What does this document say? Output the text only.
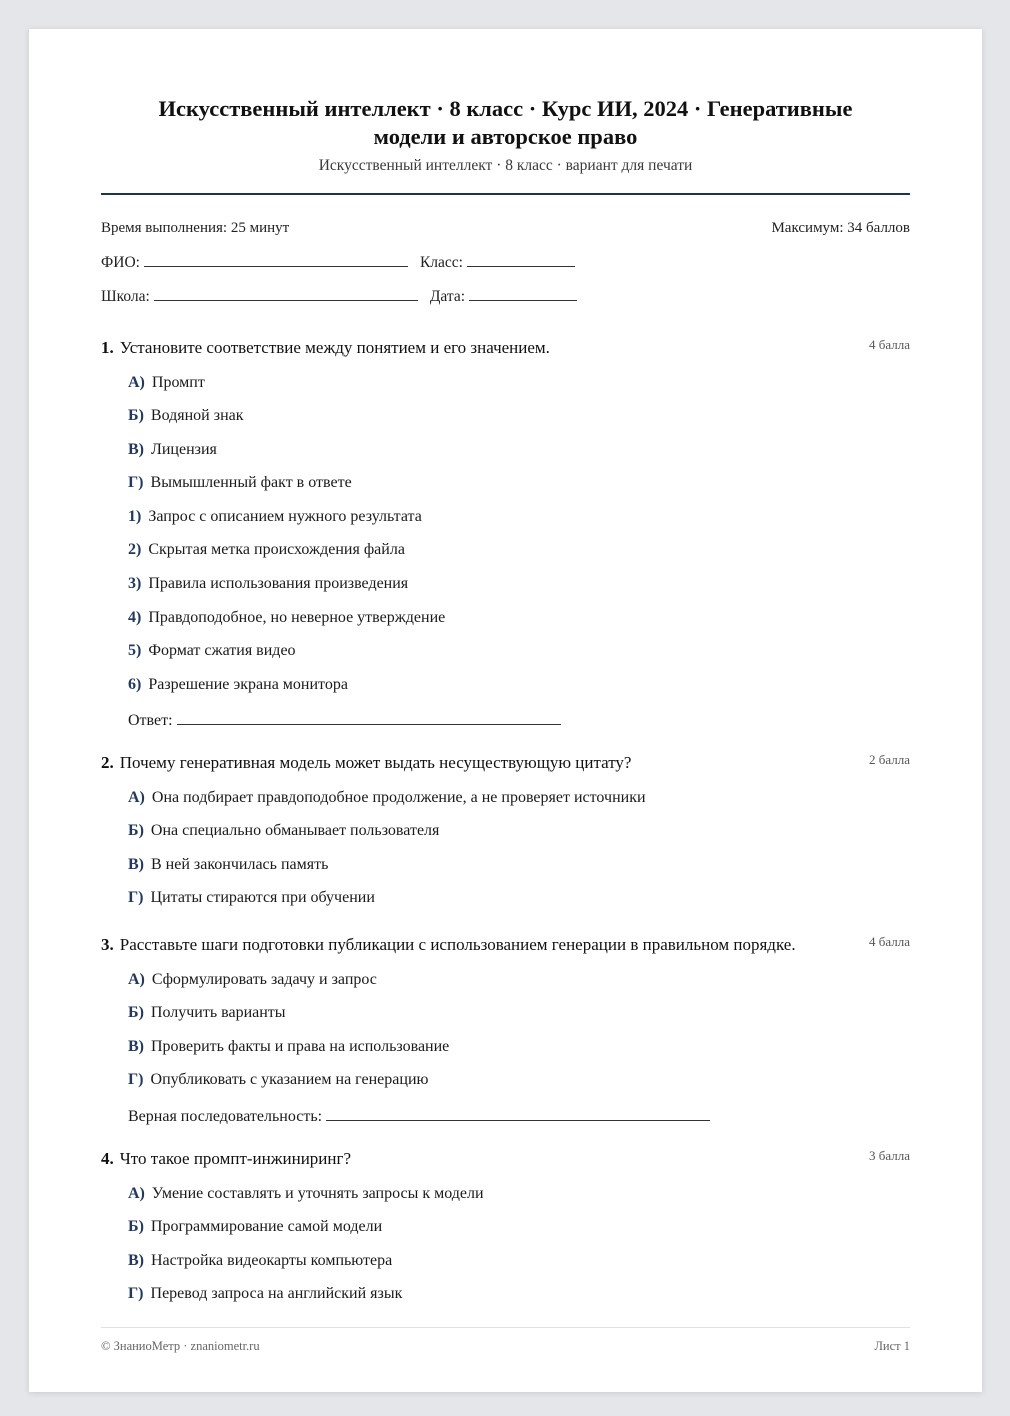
Искусственный интеллект · 8 класс · Курс ИИ, 2024 · Генеративные модели и авторское право
Искусственный интеллект · 8 класс · вариант для печати
Время выполнения: 25 минут	Максимум: 34 баллов
ФИО:	Класс:
Школа:	Дата:
1. Установите соответствие между понятием и его значением.	4 балла
А) Промпт
Б) Водяной знак
В) Лицензия
Г) Вымышленный факт в ответе
1) Запрос с описанием нужного результата
2) Скрытая метка происхождения файла
3) Правила использования произведения
4) Правдоподобное, но неверное утверждение
5) Формат сжатия видео
6) Разрешение экрана монитора
Ответ:
2. Почему генеративная модель может выдать несуществующую цитату?	2 балла
А) Она подбирает правдоподобное продолжение, а не проверяет источники
Б) Она специально обманывает пользователя
В) В ней закончилась память
Г) Цитаты стираются при обучении
3. Расставьте шаги подготовки публикации с использованием генерации в правильном порядке.	4 балла
А) Сформулировать задачу и запрос
Б) Получить варианты
В) Проверить факты и права на использование
Г) Опубликовать с указанием на генерацию
Верная последовательность:
4. Что такое промпт-инжиниринг?	3 балла
А) Умение составлять и уточнять запросы к модели
Б) Программирование самой модели
В) Настройка видеокарты компьютера
Г) Перевод запроса на английский язык
© ЗнаниоМетр · znaniometr.ru	Лист 1
